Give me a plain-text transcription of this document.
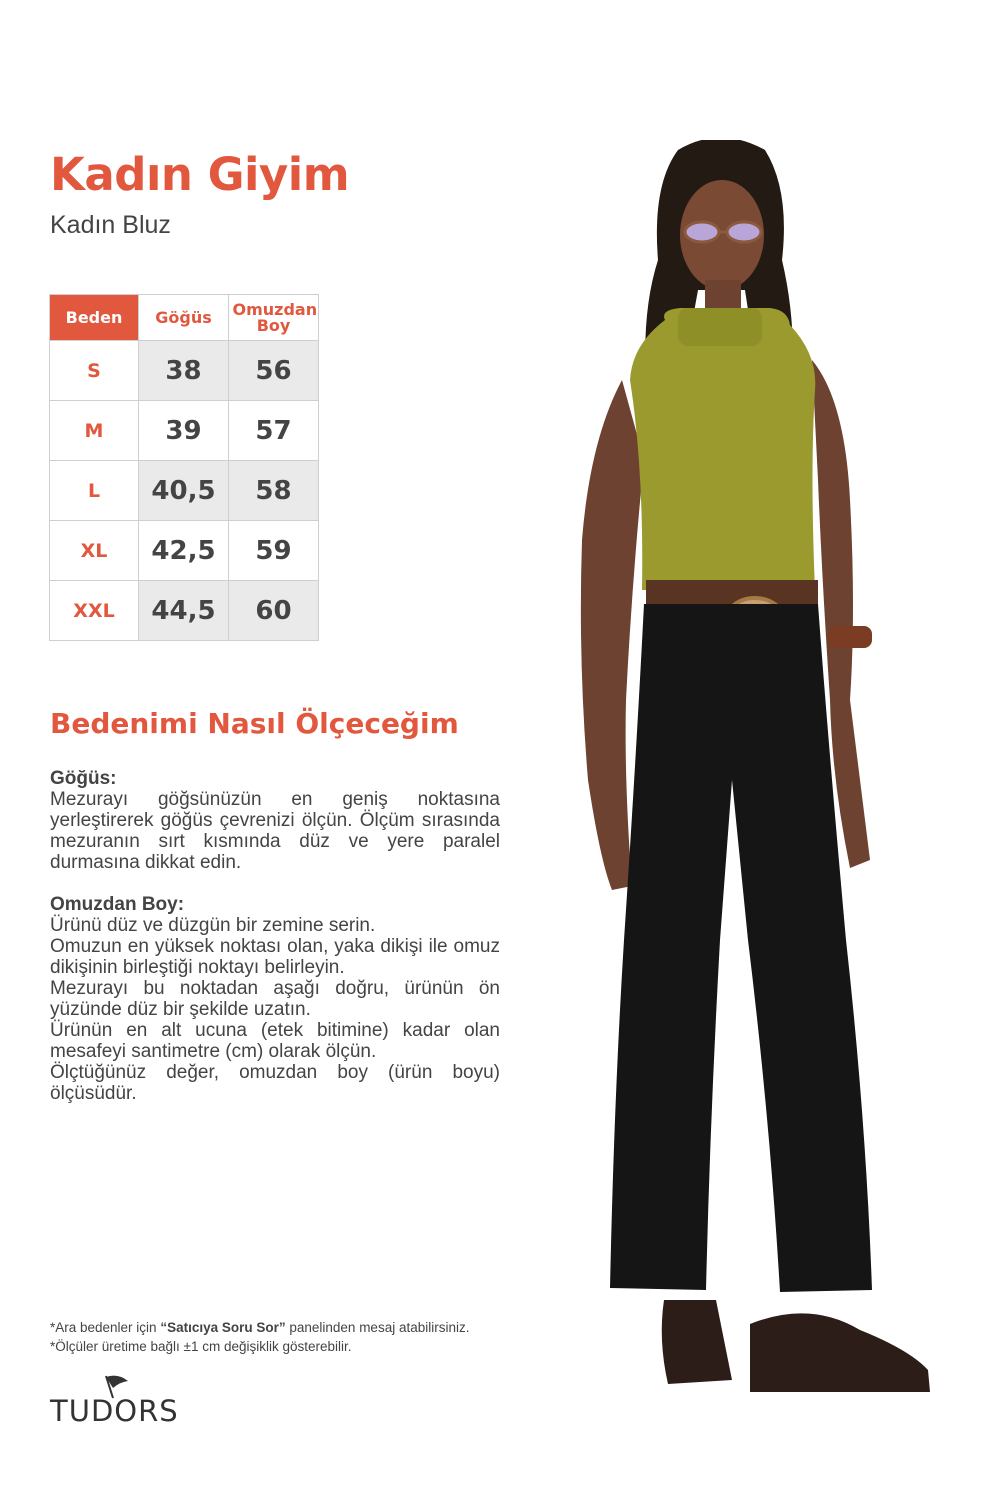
Kadın Giyim
Kadın Bluz
Beden	Göğüs	Omuzdan Boy
S	38	56
M	39	57
L	40,5	58
XL	42,5	59
XXL	44,5	60
Bedenimi Nasıl Ölçeceğim
Göğüs:
Mezurayı göğsünüzün en geniş noktasına yerleştirerek göğüs çevrenizi ölçün. Ölçüm sırasında mezuranın sırt kısmında düz ve yere paralel durmasına dikkat edin.
Omuzdan Boy:
Ürünü düz ve düzgün bir zemine serin.
Omuzun en yüksek noktası olan, yaka dikişi ile omuz dikişinin birleştiği noktayı belirleyin.
Mezurayı bu noktadan aşağı doğru, ürünün ön yüzünde düz bir şekilde uzatın.
Ürünün en alt ucuna (etek bitimine) kadar olan mesafeyi santimetre (cm) olarak ölçün.
Ölçtüğünüz değer, omuzdan boy (ürün boyu) ölçüsüdür.
*Ara bedenler için “Satıcıya Soru Sor” panelinden mesaj atabilirsiniz.
*Ölçüler üretime bağlı ±1 cm değişiklik gösterebilir.
TUDORS
